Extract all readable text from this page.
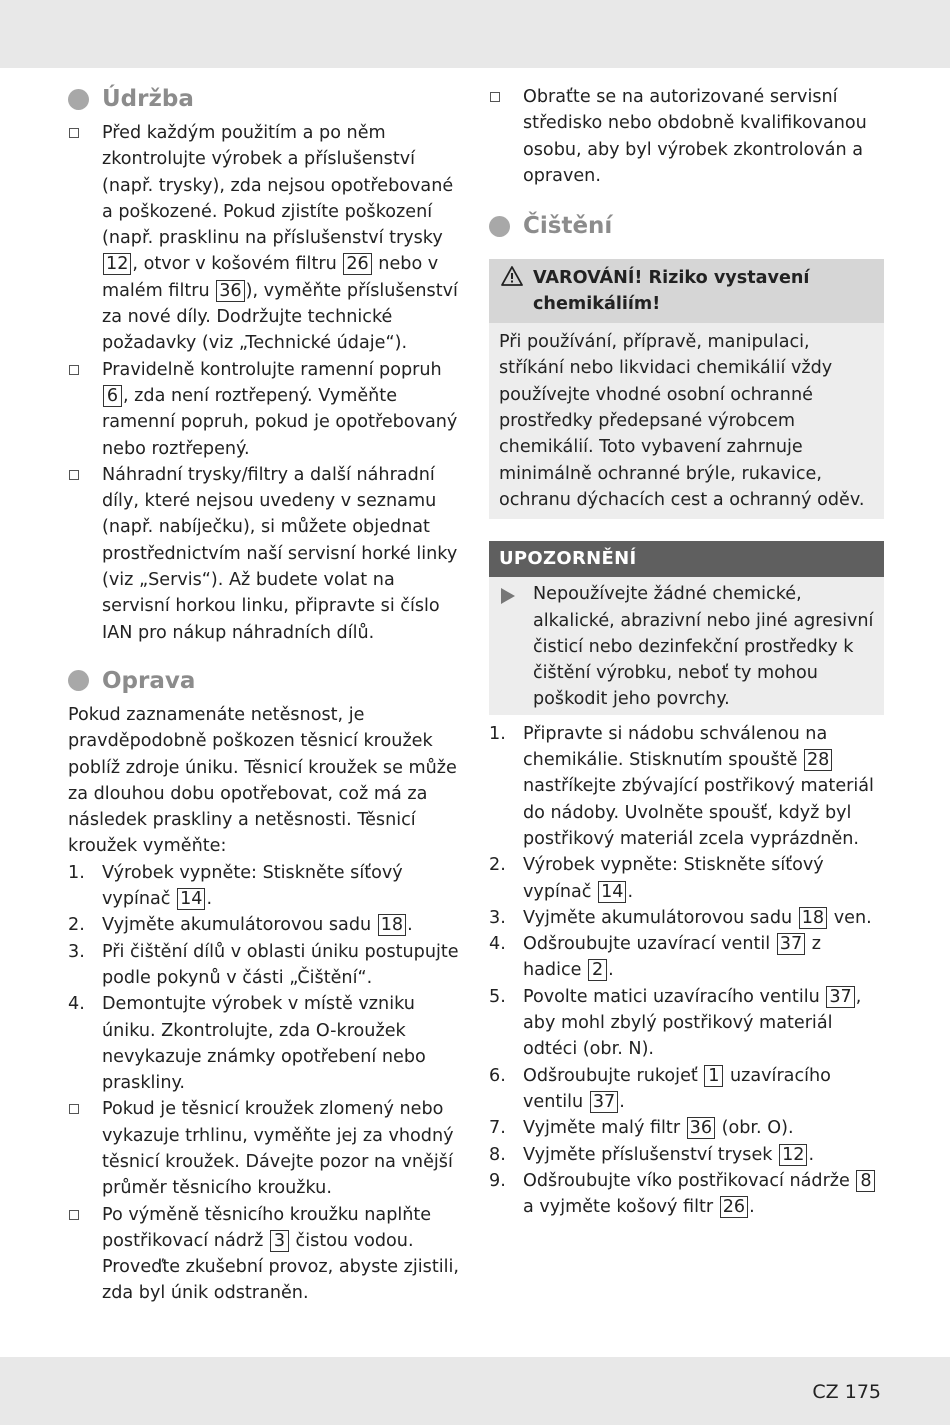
Údržba
Před každým použitím a po něm zkontrolujte výrobek a příslušenství (např. trysky), zda nejsou opotřebované a poškozené. Pokud zjistíte poškození (např. prasklinu na příslušenství trysky 12 , otvor v košovém filtru 26 nebo v malém filtru 36 ), vyměňte příslušenství za nové díly. Dodržujte technické požadavky (viz „Technické údaje“).
Pravidelně kontrolujte ramenní popruh 6 , zda není roztřepený. Vyměňte ramenní popruh, pokud je opotřebovaný nebo roztřepený.
Náhradní trysky/filtry a další náhradní díly, které nejsou uvedeny v seznamu (např. nabíječku), si můžete objednat prostřednictvím naší servisní horké linky (viz „Servis“). Až budete volat na servisní horkou linku, připravte si číslo IAN pro nákup náhradních dílů.
Oprava

Pokud zaznamenáte netěsnost, je pravděpodobně poškozen těsnicí kroužek poblíž zdroje úniku. Těsnicí kroužek se může za dlouhou dobu opotřebovat, což má za následek praskliny a netěsnosti. Těsnicí kroužek vyměňte:

1. Výrobek vypněte: Stiskněte síťový vypínač 14 .
2. Vyjměte akumulátorovou sadu 18 .
3. Při čištění dílů v oblasti úniku postupujte podle pokynů v části „Čištění“.
4. Demontujte výrobek v místě vzniku úniku. Zkontrolujte, zda O-kroužek nevykazuje známky opotřebení nebo praskliny.
Pokud je těsnicí kroužek zlomený nebo vykazuje trhlinu, vyměňte jej za vhodný těsnicí kroužek. Dávejte pozor na vnější průměr těsnicího kroužku.
Po výměně těsnicího kroužku naplňte postřikovací nádrž 3 čistou vodou. Proveďte zkušební provoz, abyste zjistili, zda byl únik odstraněn.
Obraťte se na autorizované servisní středisko nebo obdobně kvalifikovanou osobu, aby byl výrobek zkontrolován a opraven.
Čištění
VAROVÁNÍ! Riziko vystavení chemikáliím!
Při používání, přípravě, manipulaci, stříkání nebo likvidaci chemikálií vždy používejte vhodné osobní ochranné prostředky předepsané výrobcem chemikálií. Toto vybavení zahrnuje minimálně ochranné brýle, rukavice, ochranu dýchacích cest a ochranný oděv.
UPOZORNĚNÍ
Nepoužívejte žádné chemické, alkalické, abrazivní nebo jiné agresivní čisticí nebo dezinfekční prostředky k čištění výrobku, neboť ty mohou poškodit jeho povrchy.
1. Připravte si nádobu schválenou na chemikálie. Stisknutím spouště 28 nastříkejte zbývající postřikový materiál do nádoby. Uvolněte spoušť, když byl postřikový materiál zcela vyprázdněn.
2. Výrobek vypněte: Stiskněte síťový vypínač 14 .
3. Vyjměte akumulátorovou sadu 18 ven.
4. Odšroubujte uzavírací ventil 37 z hadice 2 .
5. Povolte matici uzavíracího ventilu 37 , aby mohl zbylý postřikový materiál odtéci (obr. N).
6. Odšroubujte rukojeť 1 uzavíracího ventilu 37 .
7. Vyjměte malý filtr 36 (obr. O).
8. Vyjměte příslušenství trysek 12 .
9. Odšroubujte víko postřikovací nádrže 8 a vyjměte košový filtr 26 .
CZ 175
